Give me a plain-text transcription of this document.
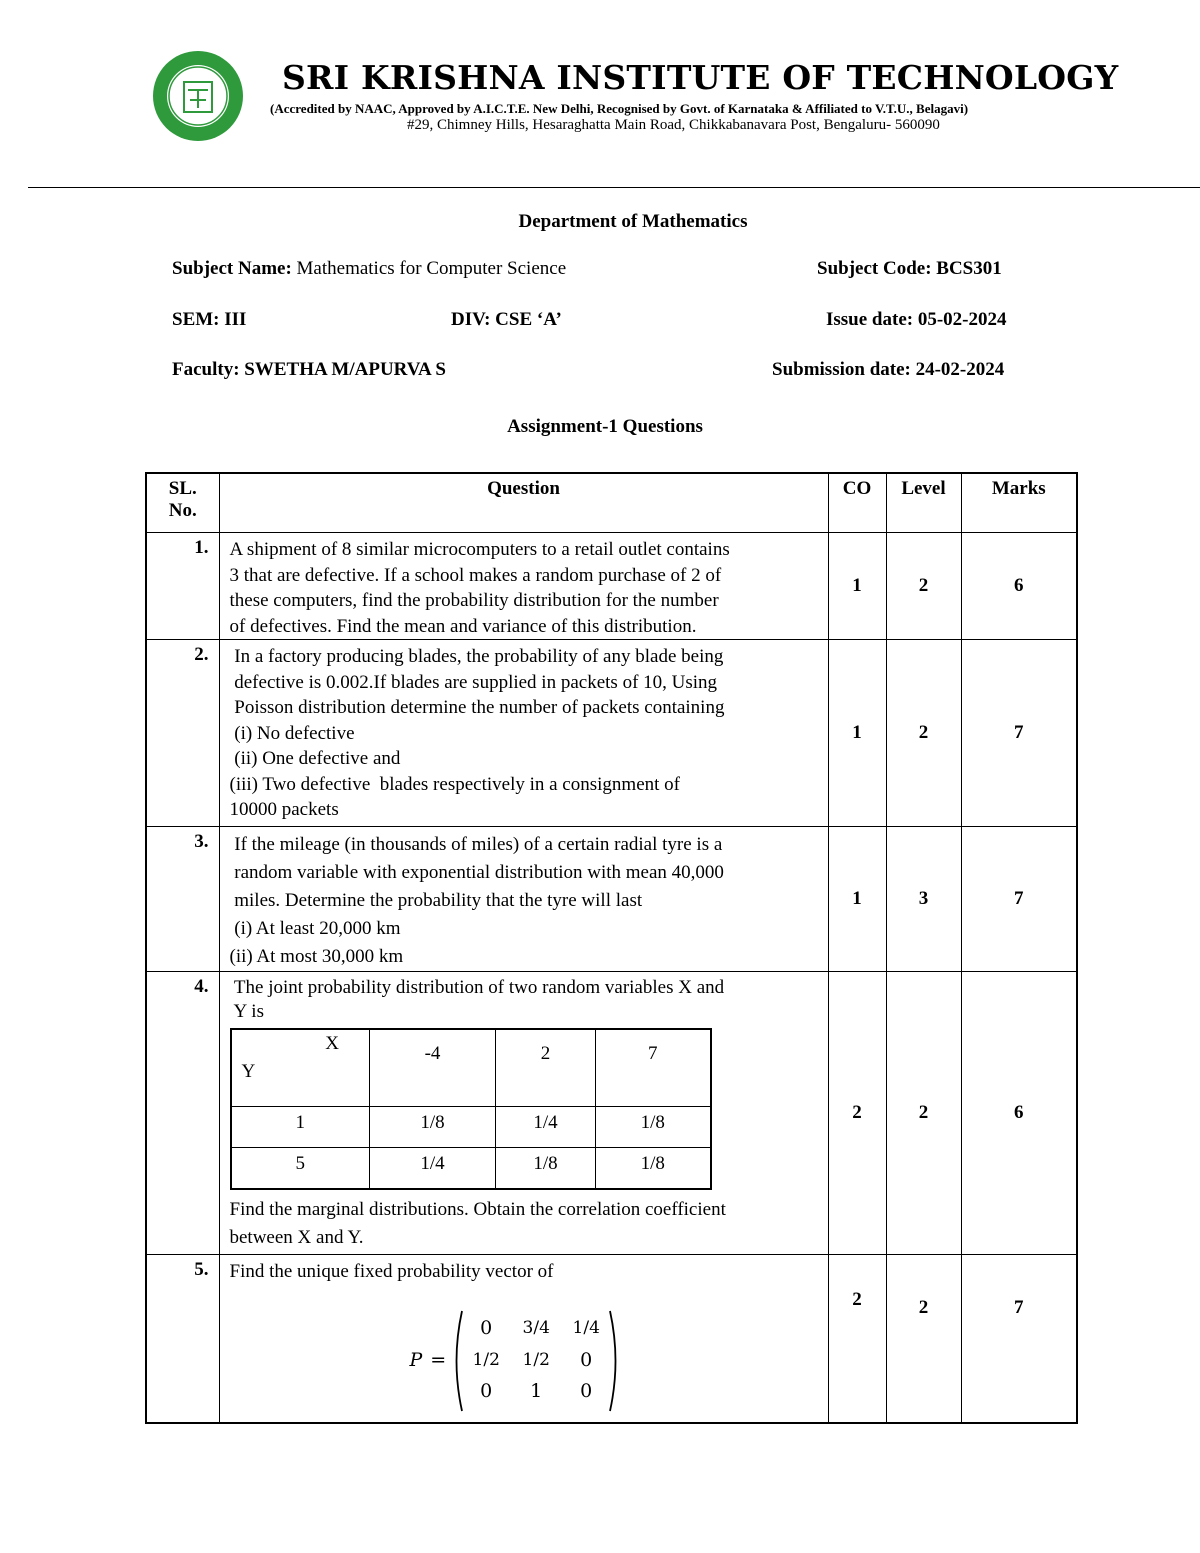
SRI KRISHNA INSTITUTE OF TECHNOLOGY
(Accredited by NAAC, Approved by A.I.C.T.E. New Delhi, Recognised by Govt. of Karnataka & Affiliated to V.T.U., Belagavi)
#29, Chimney Hills, Hesaraghatta Main Road, Chikkabanavara Post, Bengaluru- 560090
Department of Mathematics
Subject Name: Mathematics for Computer Science	Subject Code: BCS301
SEM: III	DIV: CSE ‘A’	Issue date: 05-02-2024
Faculty: SWETHA M/APURVA S	Submission date: 24-02-2024
Assignment-1 Questions
SL.
No.	Question	CO	Level	Marks
1.	A shipment of 8 similar microcomputers to a retail outlet contains
3 that are defective. If a school makes a random purchase of 2 of
these computers, find the probability distribution for the number
of defectives. Find the mean and variance of this distribution.
	1	2	6
2.	In a factory producing blades, the probability of any blade being
defective is 0.002.If blades are supplied in packets of 10, Using
Poisson distribution determine the number of packets containing
(i) No defective
(ii) One defective and
(iii) Two defective  blades respectively in a consignment of
10000 packets
	1	2	7
3.	If the mileage (in thousands of miles) of a certain radial tyre is a
random variable with exponential distribution with mean 40,000
miles. Determine the probability that the tyre will last
(i) At least 20,000 km
(ii) At most 30,000 km
	1	3	7
4.	The joint probability distribution of two random variables X and
Y is
X
Y
	-4	2	7
1	1/8	1/4	1/8
5	1/4	1/8	1/8
Find the marginal distributions. Obtain the correlation coefficient
between X and Y.
	2	2	6
5.	Find the unique fixed probability vector of
P =
0	3/4	1/4
1/2	1/2	0
0	1	0
	2	2	7
